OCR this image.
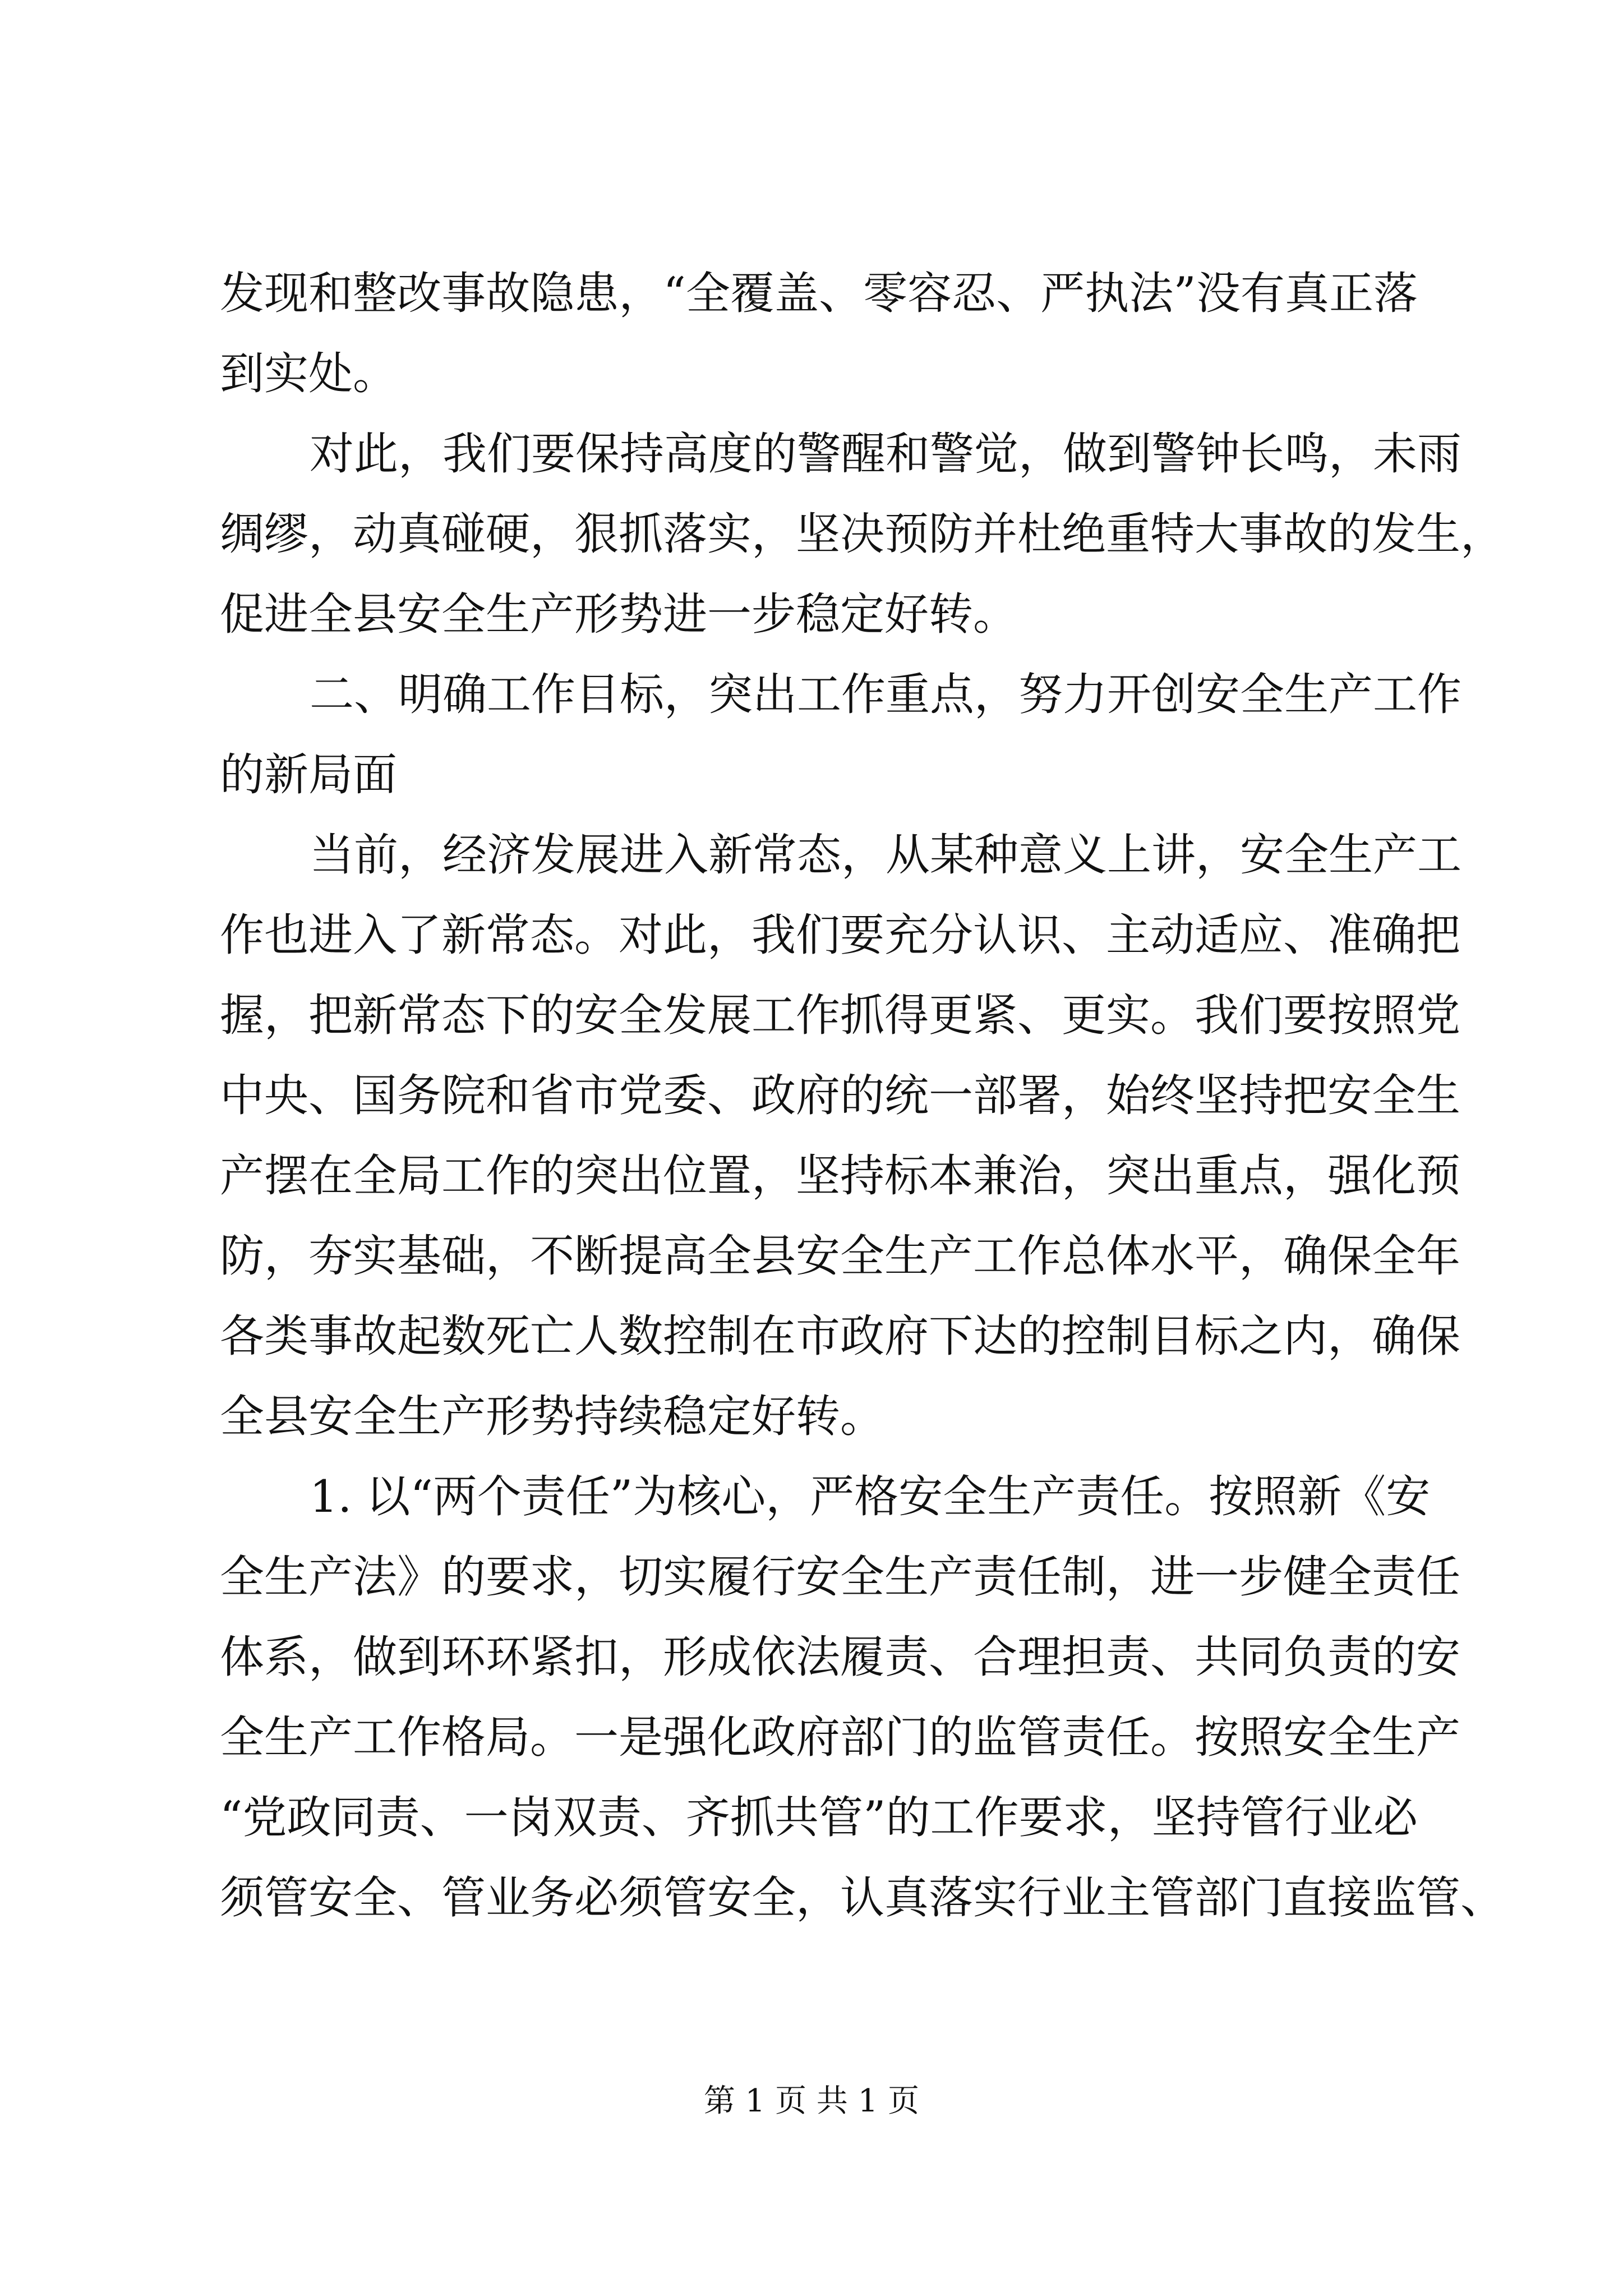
发现和整改事故隐患，“全覆盖、零容忍、严执法”没有真正落
到实处。
对此，我们要保持高度的警醒和警觉，做到警钟长鸣，未雨
绸缪，动真碰硬，狠抓落实，坚决预防并杜绝重特大事故的发生，
促进全县安全生产形势进一步稳定好转。
二、明确工作目标，突出工作重点，努力开创安全生产工作
的新局面
当前，经济发展进入新常态，从某种意义上讲，安全生产工
作也进入了新常态。对此，我们要充分认识、主动适应、准确把
握，把新常态下的安全发展工作抓得更紧、更实。我们要按照党
中央、国务院和省市党委、政府的统一部署，始终坚持把安全生
产摆在全局工作的突出位置，坚持标本兼治，突出重点，强化预
防，夯实基础，不断提高全县安全生产工作总体水平，确保全年
各类事故起数死亡人数控制在市政府下达的控制目标之内，确保
全县安全生产形势持续稳定好转。
1. 以“两个责任”为核心，严格安全生产责任。按照新《安
全生产法》的要求，切实履行安全生产责任制，进一步健全责任
体系，做到环环紧扣，形成依法履责、合理担责、共同负责的安
全生产工作格局。一是强化政府部门的监管责任。按照安全生产
“党政同责、一岗双责、齐抓共管”的工作要求，坚持管行业必
须管安全、管业务必须管安全，认真落实行业主管部门直接监管、
第 1 页 共 1 页
